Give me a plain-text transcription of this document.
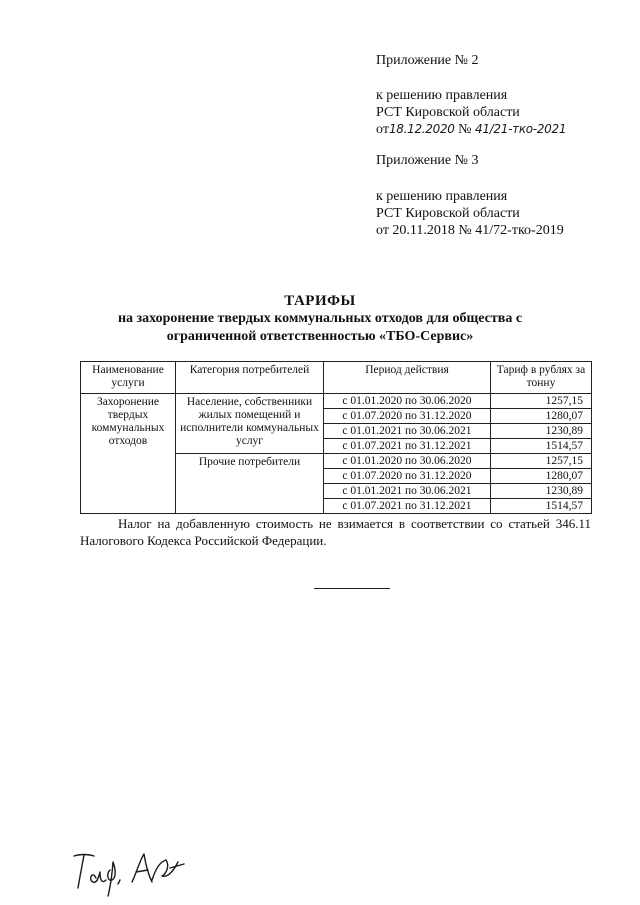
Приложение № 2
к решению правления
РСТ Кировской области
от18.12.2020 № 41/21-ткo-2021
Приложение № 3
к решению правления
РСТ Кировской области
от 20.11.2018 № 41/72-тко-2019
ТАРИФЫ
на захоронение твердых коммунальных отходов для общества с
ограниченной ответственностью «ТБО-Сервис»
Наименование услуги	Категория потребителей	Период действия	Тариф в рублях за тонну
Захоронение твердых коммунальных отходов	Население, собственники жилых помещений и исполнители коммунальных услуг	с 01.01.2020 по 30.06.2020	1257,15
		с 01.07.2020 по 31.12.2020	1280,07
		с 01.01.2021 по 30.06.2021	1230,89
		с 01.07.2021 по 31.12.2021	1514,57
	Прочие потребители	с 01.01.2020 по 30.06.2020	1257,15
		с 01.07.2020 по 31.12.2020	1280,07
		с 01.01.2021 по 30.06.2021	1230,89
		с 01.07.2021 по 31.12.2021	1514,57
Налог на добавленную стоимость не взимается в соответствии со статьей 346.11 Налогового Кодекса Российской Федерации.
Тарб, Лиф
